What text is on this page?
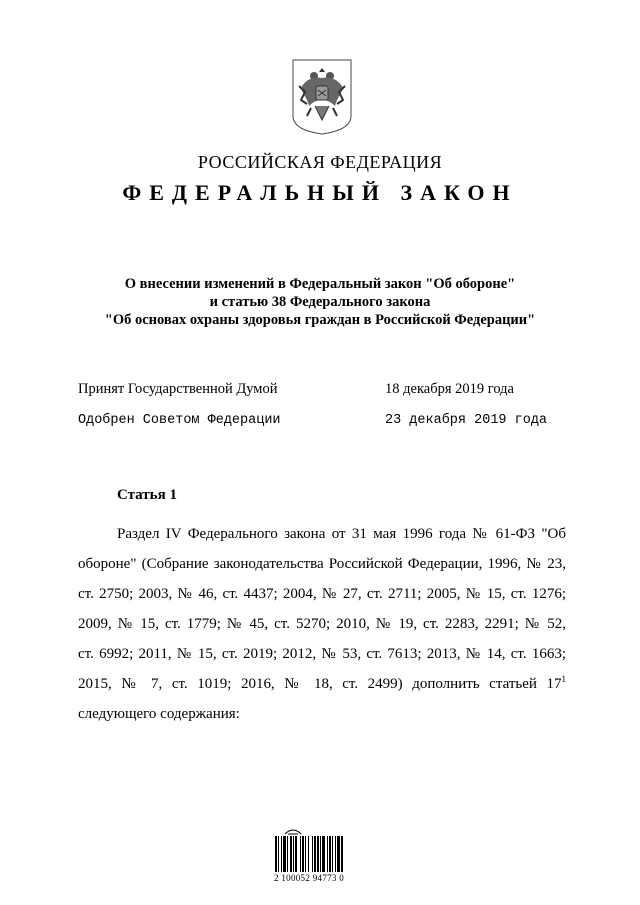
РОССИЙСКАЯ ФЕДЕРАЦИЯ
ФЕДЕРАЛЬНЫЙ ЗАКОН
О внесении изменений в Федеральный закон "Об обороне"
и статью 38 Федерального закона
"Об основах охраны здоровья граждан в Российской Федерации"
Принят Государственной Думой	18 декабря 2019 года
Одобрен Советом Федерации	23 декабря 2019 года
Статья 1
Раздел IV Федерального закона от 31 мая 1996 года № 61-ФЗ "Об
обороне" (Собрание законодательства Российской Федерации, 1996, № 23,
ст. 2750; 2003, № 46, ст. 4437; 2004, № 27, ст. 2711; 2005, № 15, ст. 1276;
2009, № 15, ст. 1779; № 45, ст. 5270; 2010, № 19, ст. 2283, 2291; № 52,
ст. 6992; 2011, № 15, ст. 2019; 2012, № 53, ст. 7613; 2013, № 14, ст. 1663;
2015, № 7, ст. 1019; 2016, № 18, ст. 2499) дополнить статьей $17^1$
следующего содержания:
2 100052 94773 0
